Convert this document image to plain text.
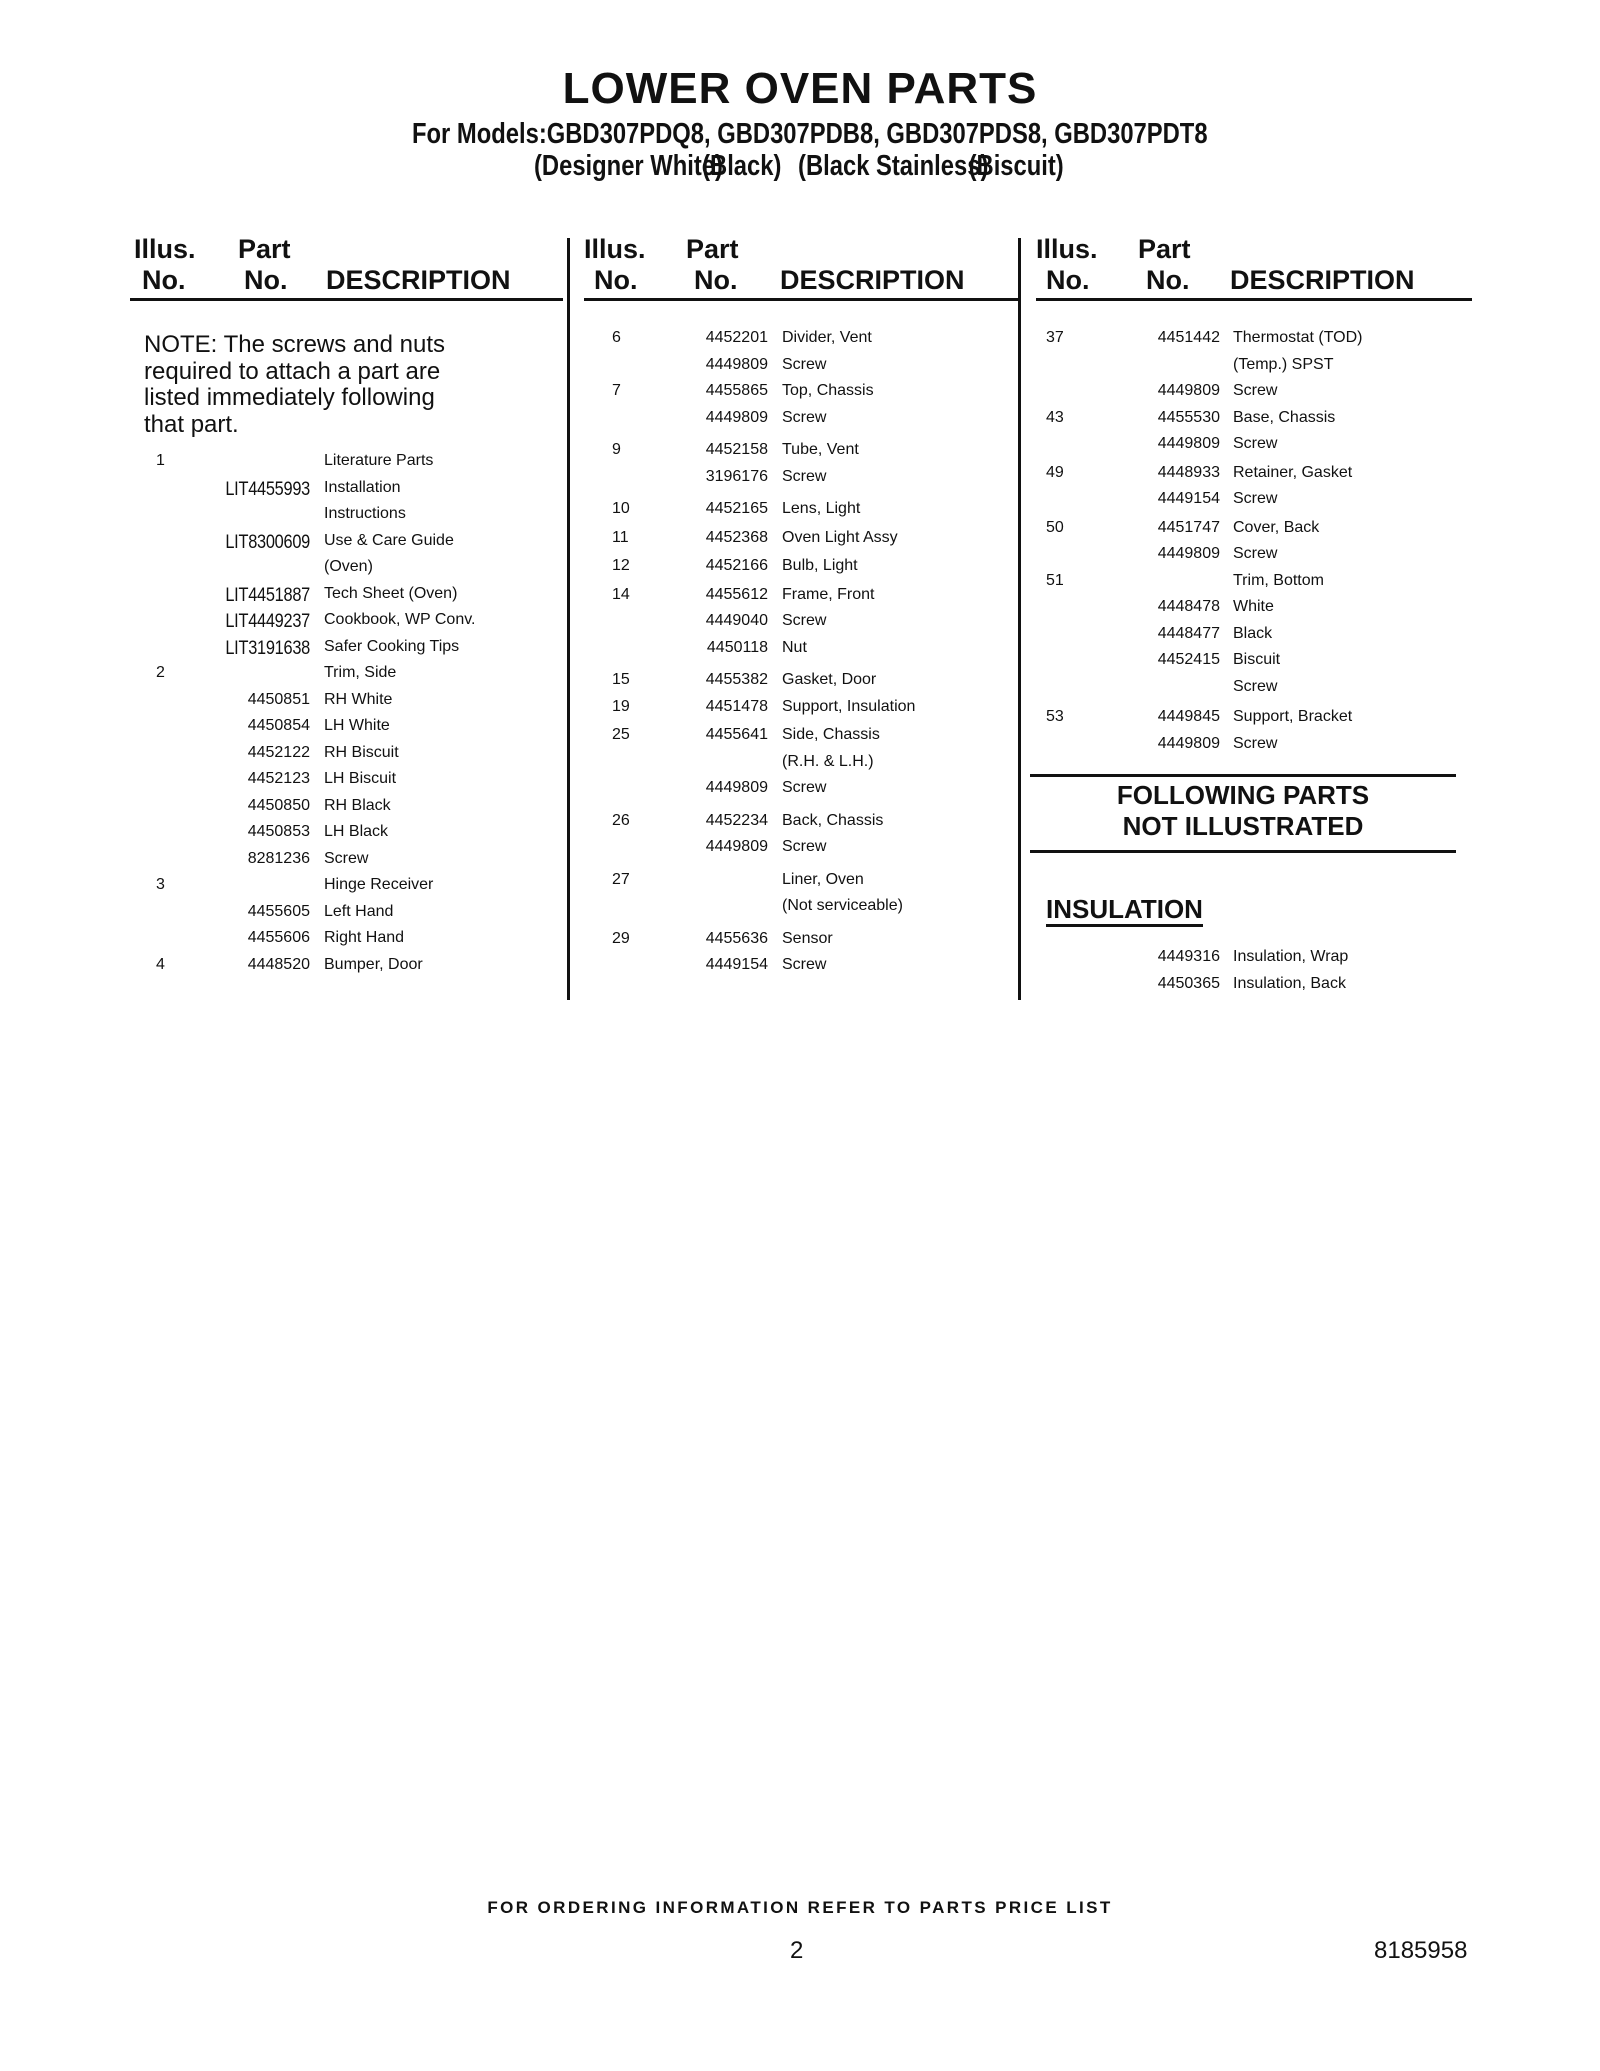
LOWER OVEN PARTS
For Models:GBD307PDQ8, GBD307PDB8, GBD307PDS8, GBD307PDT8
(Designer White)
(Black) (Black Stainless)
(Biscuit)
Illus.
No.
Part
No. DESCRIPTION
NOTE: The screws and nuts
required to attach a part are
listed immediately following
that part.
1	Literature Parts
LIT4455993 Installation
Instructions
LIT8300609 Use & Care Guide
(Oven)
LIT4451887 Tech Sheet (Oven)
LIT4449237 Cookbook, WP Conv.
LIT3191638 Safer Cooking Tips
2	Trim, Side
4450851 RH White
4450854 LH White
4452122 RH Biscuit
4452123 LH Biscuit
4450850 RH Black
4450853 LH Black
8281236 Screw
3	Hinge Receiver
4455605 Left Hand
4455606 Right Hand
4	4448520 Bumper, Door
Illus.
No.
Part
No. DESCRIPTION
6	4452201 Divider, Vent
4449809 Screw
7	4455865 Top, Chassis
4449809 Screw
9	4452158 Tube, Vent
3196176 Screw
10	4452165 Lens, Light
11	4452368 Oven Light Assy
12	4452166 Bulb, Light
14	4455612 Frame, Front
4449040 Screw
4450118 Nut
15	4455382 Gasket, Door
19	4451478 Support, Insulation
25	4455641 Side, Chassis
(R.H. & L.H.)
4449809 Screw
26	4452234 Back, Chassis
4449809 Screw
27	Liner, Oven
(Not serviceable)
29	4455636 Sensor
4449154 Screw
Illus.
No.
Part
No. DESCRIPTION
37	4451442 Thermostat (TOD)
(Temp.) SPST
4449809 Screw
43	4455530 Base, Chassis
4449809 Screw
49	4448933 Retainer, Gasket
4449154 Screw
50	4451747 Cover, Back
4449809 Screw
51	Trim, Bottom
4448478 White
4448477 Black
4452415 Biscuit
Screw
53	4449845 Support, Bracket
4449809 Screw
FOLLOWING PARTS
NOT ILLUSTRATED
INSULATION
4449316 Insulation, Wrap
4450365 Insulation, Back
FOR ORDERING INFORMATION REFER TO PARTS PRICE LIST
2	8185958
